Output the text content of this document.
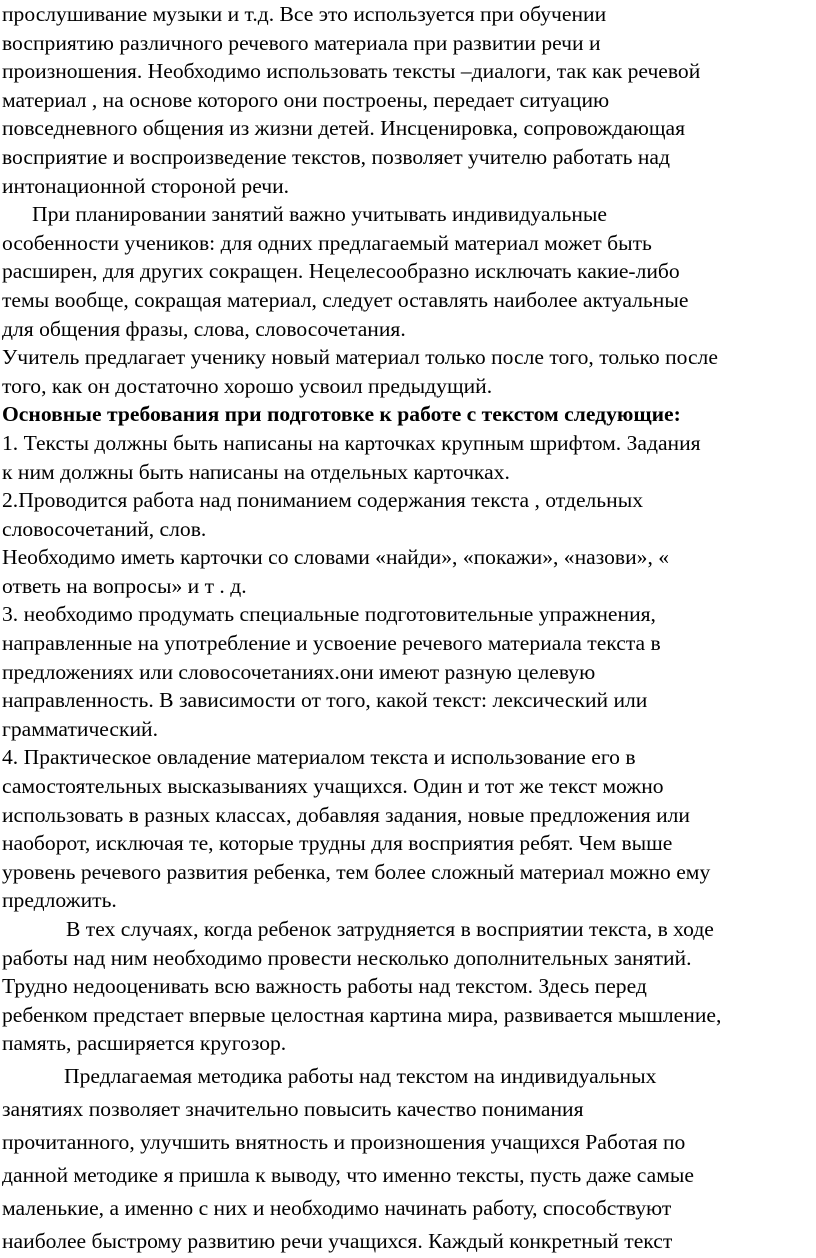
прослушивание музыки и т.д. Все это используется при обучении
восприятию различного речевого материала при развитии речи и
произношения. Необходимо использовать тексты –диалоги, так как речевой
материал , на основе которого они построены, передает ситуацию
повседневного общения из жизни детей. Инсценировка, сопровождающая
восприятие и воспроизведение текстов, позволяет учителю работать над
интонационной стороной речи.

При планировании занятий важно учитывать индивидуальные
особенности учеников: для одних предлагаемый материал может быть
расширен, для других сокращен. Нецелесообразно исключать какие-либо
темы вообще, сокращая материал, следует оставлять наиболее актуальные
для общения фразы, слова, словосочетания.

Учитель предлагает ученику новый материал только после того, только после
того, как он достаточно хорошо усвоил предыдущий.

Основные требования при подготовке к работе с текстом следующие:

1. Тексты должны быть написаны на карточках крупным шрифтом. Задания
к ним должны быть написаны на отдельных карточках.

2.Проводится работа над пониманием содержания текста , отдельных
словосочетаний, слов.

Необходимо иметь карточки со словами «найди», «покажи», «назови», «
ответь на вопросы» и т . д.

3. необходимо продумать специальные подготовительные упражнения,
направленные на употребление и усвоение речевого материала текста в
предложениях или словосочетаниях.они имеют разную целевую
направленность. В зависимости от того, какой текст: лексический или
грамматический.

4. Практическое овладение материалом текста и использование его в
самостоятельных высказываниях учащихся. Один и тот же текст можно
использовать в разных классах, добавляя задания, новые предложения или
наоборот, исключая те, которые трудны для восприятия ребят. Чем выше
уровень речевого развития ребенка, тем более сложный материал можно ему
предложить.

В тех случаях, когда ребенок затрудняется в восприятии текста, в ходе
работы над ним необходимо провести несколько дополнительных занятий.
Трудно недооценивать всю важность работы над текстом. Здесь перед
ребенком предстает впервые целостная картина мира, развивается мышление,
память, расширяется кругозор.

Предлагаемая методика работы над текстом на индивидуальных
занятиях позволяет значительно повысить качество понимания
прочитанного, улучшить внятность и произношения учащихся Работая по
данной методике я пришла к выводу, что именно тексты, пусть даже самые
маленькие, а именно с них и необходимо начинать работу, способствуют
наиболее быстрому развитию речи учащихся. Каждый конкретный текст
